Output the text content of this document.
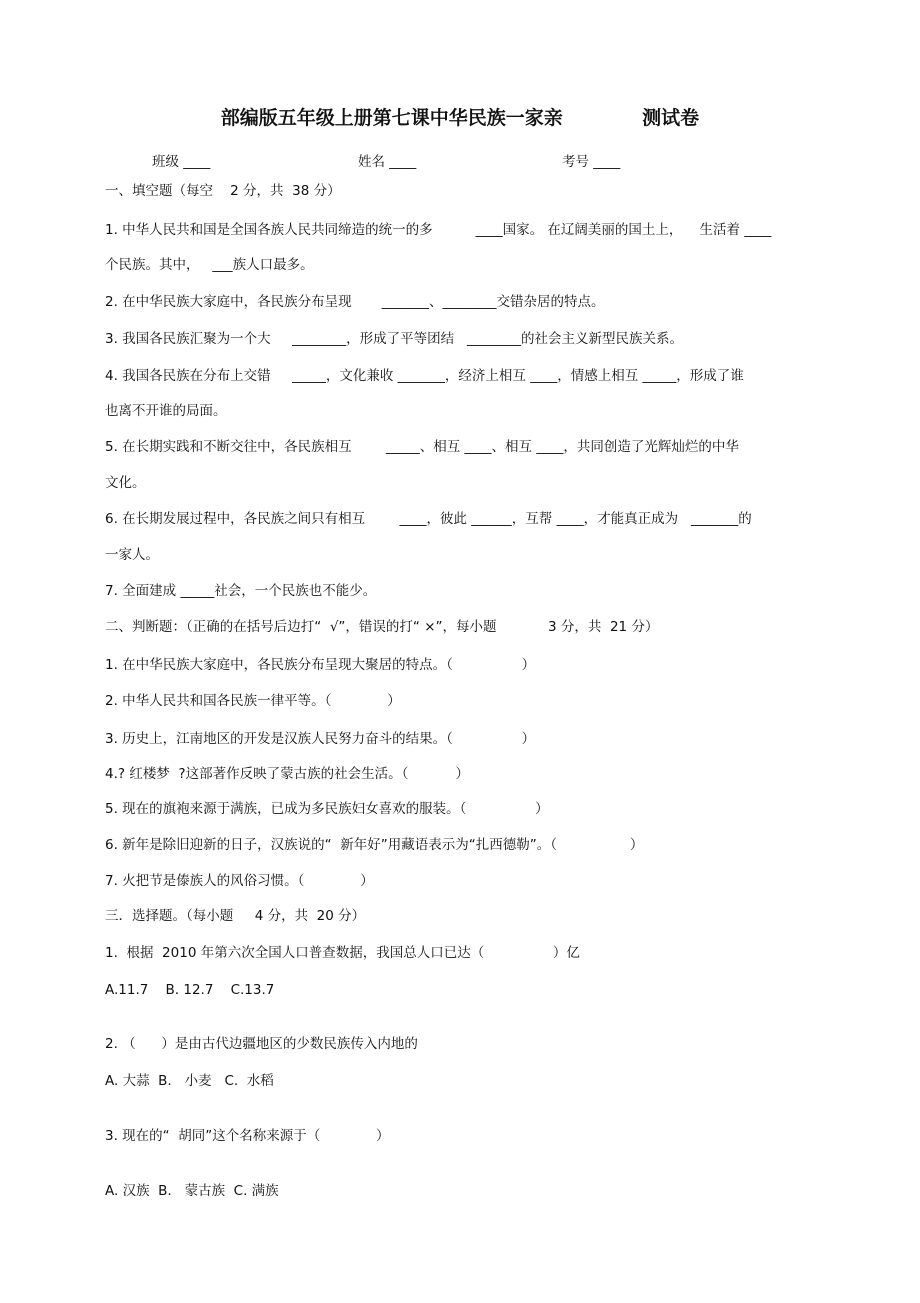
部编版五年级上册第七课中华民族一家亲            测试卷
班级 ____	姓名 ____	考号 ____
一、填空题（每空    2 分，共  38 分）
1. 中华人民共和国是全国各族人民共同缔造的统一的多          ____国家。 在辽阔美丽的国土上，    生活着 ____
个民族。其中，   ___族人口最多。
2. 在中华民族大家庭中，各民族分布呈现       _______、________交错杂居的特点。
3. 我国各民族汇聚为一个大     ________，形成了平等团结   ________的社会主义新型民族关系。
4. 我国各民族在分布上交错     _____，文化兼收 _______，经济上相互 ____，情感上相互 _____，形成了谁
也离不开谁的局面。
5. 在长期实践和不断交往中，各民族相互        _____、相互 ____、相互 ____，共同创造了光辉灿烂的中华
文化。
6. 在长期发展过程中，各民族之间只有相互        ____，彼此 ______，互帮 ____，才能真正成为   _______的
一家人。
7. 全面建成 _____社会，一个民族也不能少。
二、判断题：（正确的在括号后边打“  √”，错误的打“ ×”，每小题            3 分，共  21 分）
1. 在中华民族大家庭中，各民族分布呈现大聚居的特点。（                ）
2. 中华人民共和国各民族一律平等。（             ）
3. 历史上，江南地区的开发是汉族人民努力奋斗的结果。（                ）
4.? 红楼梦  ?这部著作反映了蒙古族的社会生活。（           ）
5. 现在的旗袍来源于满族，已成为多民族妇女喜欢的服装。（                ）
6. 新年是除旧迎新的日子，汉族说的“  新年好”用藏语表示为“扎西德勒”。（                 ）
7. 火把节是傣族人的风俗习惯。（             ）
三．选择题。（每小题     4 分，共  20 分）
1.  根据  2010 年第六次全国人口普查数据，我国总人口已达（                ）亿
A.11.7    B. 12.7    C.13.7
2. （      ）是由古代边疆地区的少数民族传入内地的
A. 大蒜  B.   小麦   C.  水稻
3. 现在的“  胡同”这个名称来源于（             ）
A. 汉族  B.   蒙古族  C. 满族
